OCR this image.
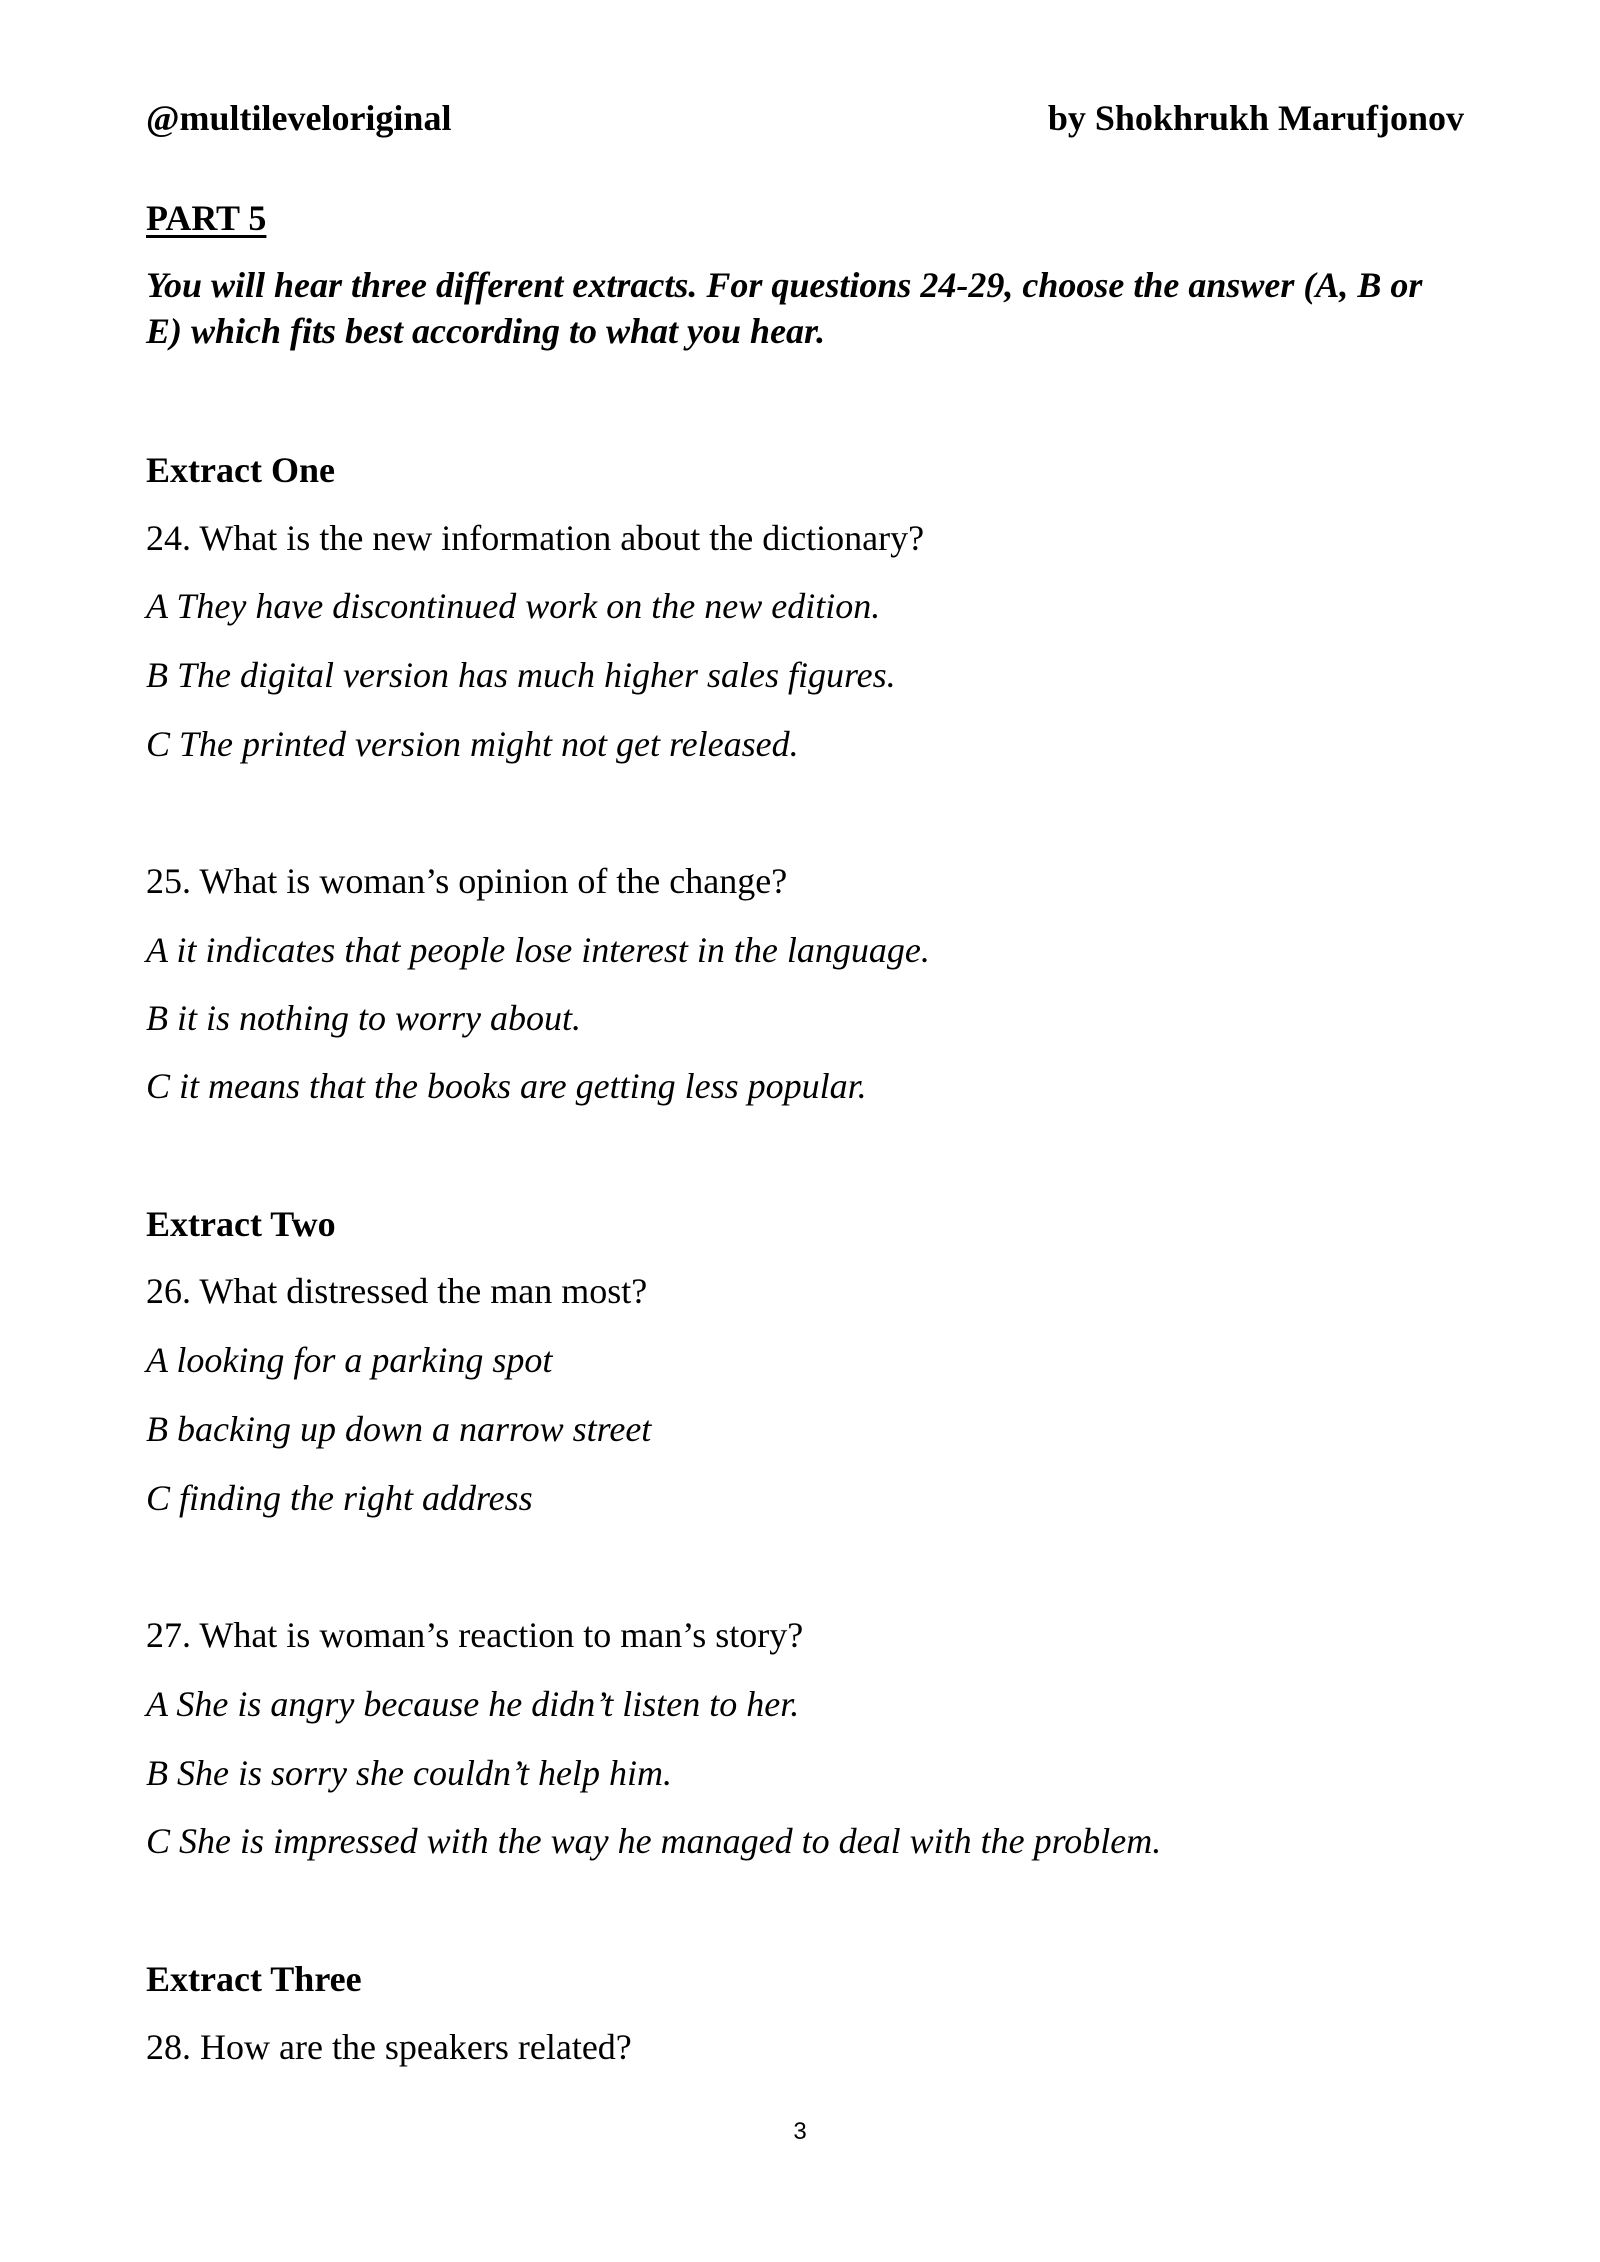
@multileveloriginal	by Shokhrukh Marufjonov
PART 5
You will hear three different extracts. For questions 24-29, choose the answer (A, B or E) which fits best according to what you hear.
Extract One
24. What is the new information about the dictionary?
A They have discontinued work on the new edition.
B The digital version has much higher sales figures.
C The printed version might not get released.
25. What is woman’s opinion of the change?
A it indicates that people lose interest in the language.
B it is nothing to worry about.
C it means that the books are getting less popular.
Extract Two
26. What distressed the man most?
A looking for a parking spot
B backing up down a narrow street
C finding the right address
27. What is woman’s reaction to man’s story?
A She is angry because he didn’t listen to her.
B She is sorry she couldn’t help him.
C She is impressed with the way he managed to deal with the problem.
Extract Three
28. How are the speakers related?
3
